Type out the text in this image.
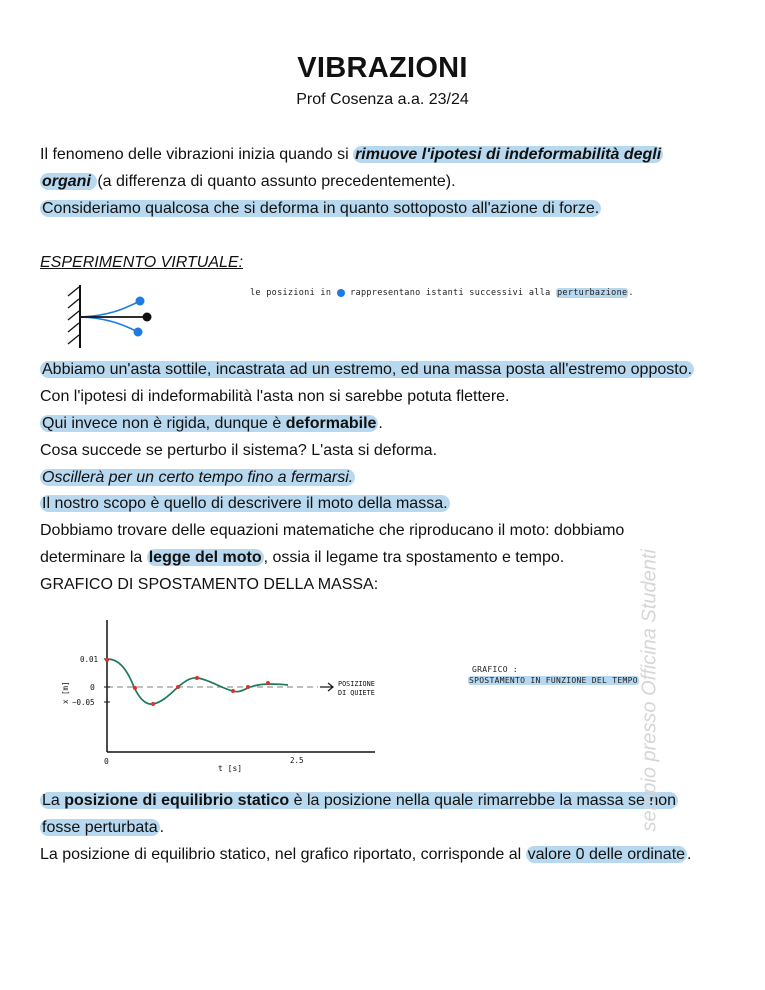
VIBRAZIONI
Prof Cosenza a.a. 23/24
Il fenomeno delle vibrazioni inizia quando si rimuove l'ipotesi di indeformabilità degli
organi (a differenza di quanto assunto precedentemente).
Consideriamo qualcosa che si deforma in quanto sottoposto all'azione di forze.
ESPERIMENTO VIRTUALE:
le posizioni in rappresentano istanti successivi alla perturbazione.
Abbiamo un'asta sottile, incastrata ad un estremo, ed una massa posta all'estremo opposto.
Con l'ipotesi di indeformabilità l'asta non si sarebbe potuta flettere.
Qui invece non è rigida, dunque è deformabile .
Cosa succede se perturbo il sistema? L'asta si deforma.
Oscillerà per un certo tempo fino a fermarsi.
Il nostro scopo è quello di descrivere il moto della massa.
Dobbiamo trovare delle equazioni matematiche che riproducano il moto: dobbiamo
determinare la legge del moto , ossia il legame tra spostamento e tempo.
GRAFICO DI SPOSTAMENTO DELLA MASSA:
0.01
0
−0.05
x [m]
0	2.5
t [s]
POSIZIONE
DI QUIETE
GRAFICO :
SPOSTAMENTO IN FUNZIONE DEL TEMPO
La posizione di equilibrio statico è la posizione nella quale rimarrebbe la massa se non
fosse perturbata .
La posizione di equilibrio statico, nel grafico riportato, corrisponde al valore 0 delle ordinate .
sempio presso Officina Studenti
